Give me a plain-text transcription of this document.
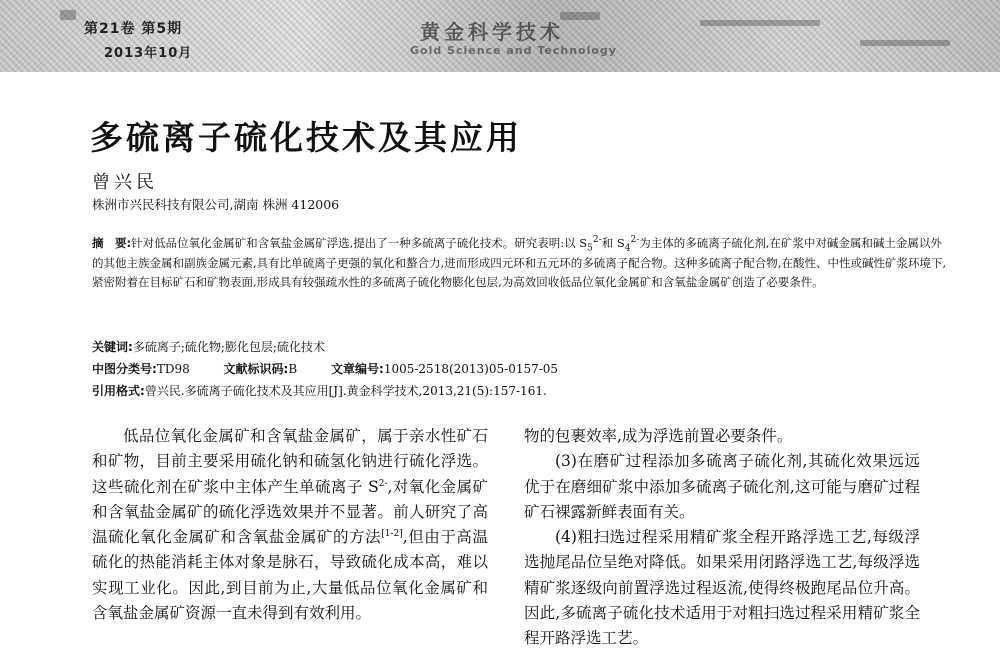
第21卷 第5期
2013年10月
黄金科学技术
Gold Science and Technology
多硫离子硫化技术及其应用
曾兴民
株洲市兴民科技有限公司,湖南 株洲 412006
摘　要:针对低品位氧化金属矿和含氧盐金属矿浮选,提出了一种多硫离子硫化技术。研究表明:以 $S_5^{2-}$和 $S_4^{2-}$为主体的多硫离子硫化剂,在矿浆中对碱金属和碱土金属以外的其他主族金属和副族金属元素,具有比单硫离子更强的氧化和螯合力,进而形成四元环和五元环的多硫离子配合物。这种多硫离子配合物,在酸性、中性或碱性矿浆环境下,紧密附着在目标矿石和矿物表面,形成具有较强疏水性的多硫离子硫化物膨化包层,为高效回收低品位氧化金属矿和含氧盐金属矿创造了必要条件。
关键词:多硫离子;硫化物;膨化包层;硫化技术
中图分类号:TD98	文献标识码:B	文章编号:1005-2518(2013)05-0157-05
引用格式:曾兴民.多硫离子硫化技术及其应用[J].黄金科学技术,2013,21(5):157-161.

低品位氧化金属矿和含氧盐金属矿，属于亲水性矿石和矿物，目前主要采用硫化钠和硫氢化钠进行硫化浮选。这些硫化剂在矿浆中主体产生单硫离子 $S^{2-}$,对氧化金属矿和含氧盐金属矿的硫化浮选效果并不显著。前人研究了高温硫化氧化金属矿和含氧盐金属矿的方法[1-2],但由于高温硫化的热能消耗主体对象是脉石，导致硫化成本高，难以实现工业化。因此,到目前为止,大量低品位氧化金属矿和含氧盐金属矿资源一直未得到有效利用。

物的包裹效率,成为浮选前置必要条件。

(3)在磨矿过程添加多硫离子硫化剂,其硫化效果远远优于在磨细矿浆中添加多硫离子硫化剂,这可能与磨矿过程矿石裸露新鲜表面有关。

(4)粗扫选过程采用精矿浆全程开路浮选工艺,每级浮选抛尾品位呈绝对降低。如果采用闭路浮选工艺,每级浮选精矿浆逐级向前置浮选过程返流,使得终极跑尾品位升高。因此,多硫离子硫化技术适用于对粗扫选过程采用精矿浆全程开路浮选工艺。
